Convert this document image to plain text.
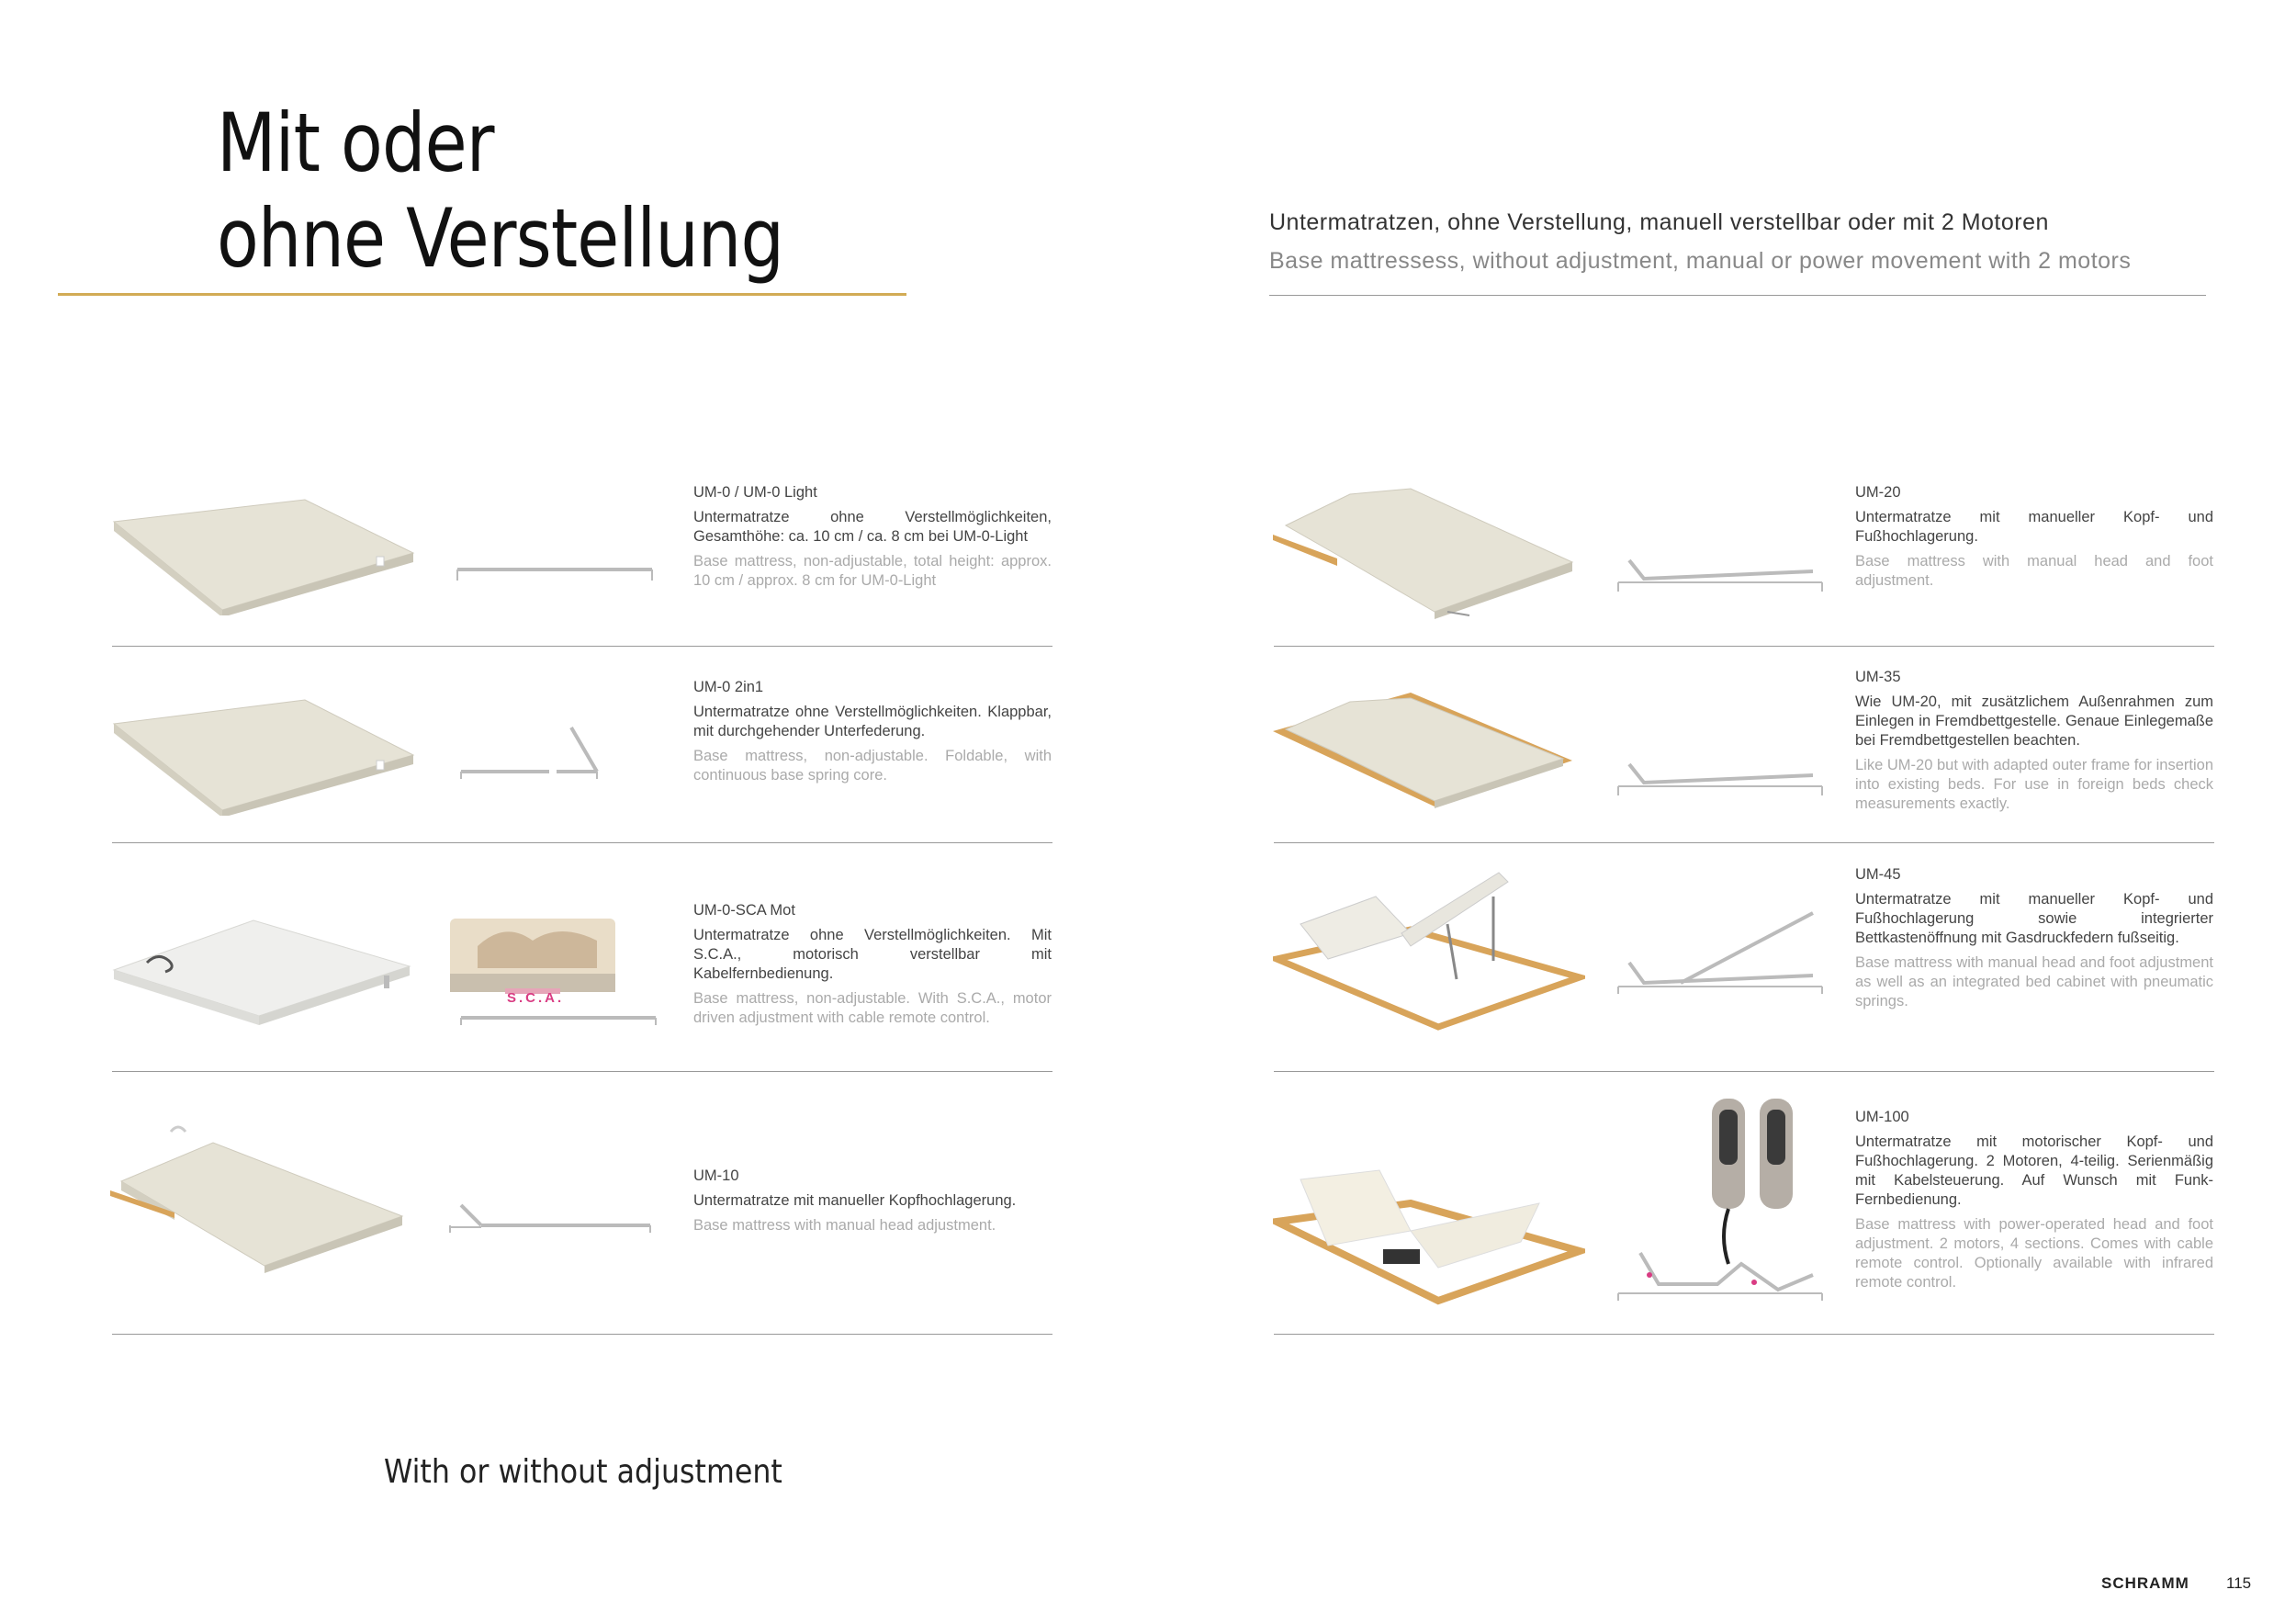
Mit oder
ohne Verstellung	Untermatratzen, ohne Verstellung, manuell verstellbar oder mit 2 Motoren
Base mattressess, without adjustment, manual or power movement with 2 motors
UM-0 / UM-0 Light
Untermatratze ohne Verstellmöglichkeiten, Gesamthöhe: ca. 10 cm / ca. 8 cm bei UM-0-Light
Base mattress, non-adjustable, total height: approx. 10 cm / approx. 8 cm for UM-0-Light
UM-0 2in1
Untermatratze ohne Verstellmöglichkeiten. Klappbar, mit durchgehender Unterfederung.
Base mattress, non-adjustable. Foldable, with continuous base spring core.
S.C.A.
UM-0-SCA Mot
Untermatratze ohne Verstellmöglichkeiten. Mit S.C.A., motorisch verstellbar mit Kabelfernbedienung.
Base mattress, non-adjustable. With S.C.A., motor driven adjustment with cable remote control.
UM-10
Untermatratze mit manueller Kopfhochlagerung.
Base mattress with manual head adjustment.
UM-20
Untermatratze mit manueller Kopf- und Fußhochlagerung.
Base mattress with manual head and foot adjustment.
UM-35
Wie UM-20, mit zusätzlichem Außenrahmen zum Einlegen in Fremdbettgestelle. Genaue Einlegemaße bei Fremdbettgestellen beachten.
Like UM-20 but with adapted outer frame for insertion into existing beds. For use in foreign beds check measurements exactly.
UM-45
Untermatratze mit manueller Kopf- und Fußhochlagerung sowie integrierter Bettkastenöffnung mit Gasdruckfedern fußseitig.
Base mattress with manual head and foot adjustment as well as an integrated bed cabinet with pneumatic springs.
UM-100
Untermatratze mit motorischer Kopf- und Fußhochlagerung. 2 Motoren, 4-teilig. Serienmäßig mit Kabelsteuerung. Auf Wunsch mit Funk-Fernbedienung.
Base mattress with power-operated head and foot adjustment. 2 motors, 4 sections. Comes with cable remote control. Optionally available with infrared remote control.
With or without adjustment
SCHRAMM 115
